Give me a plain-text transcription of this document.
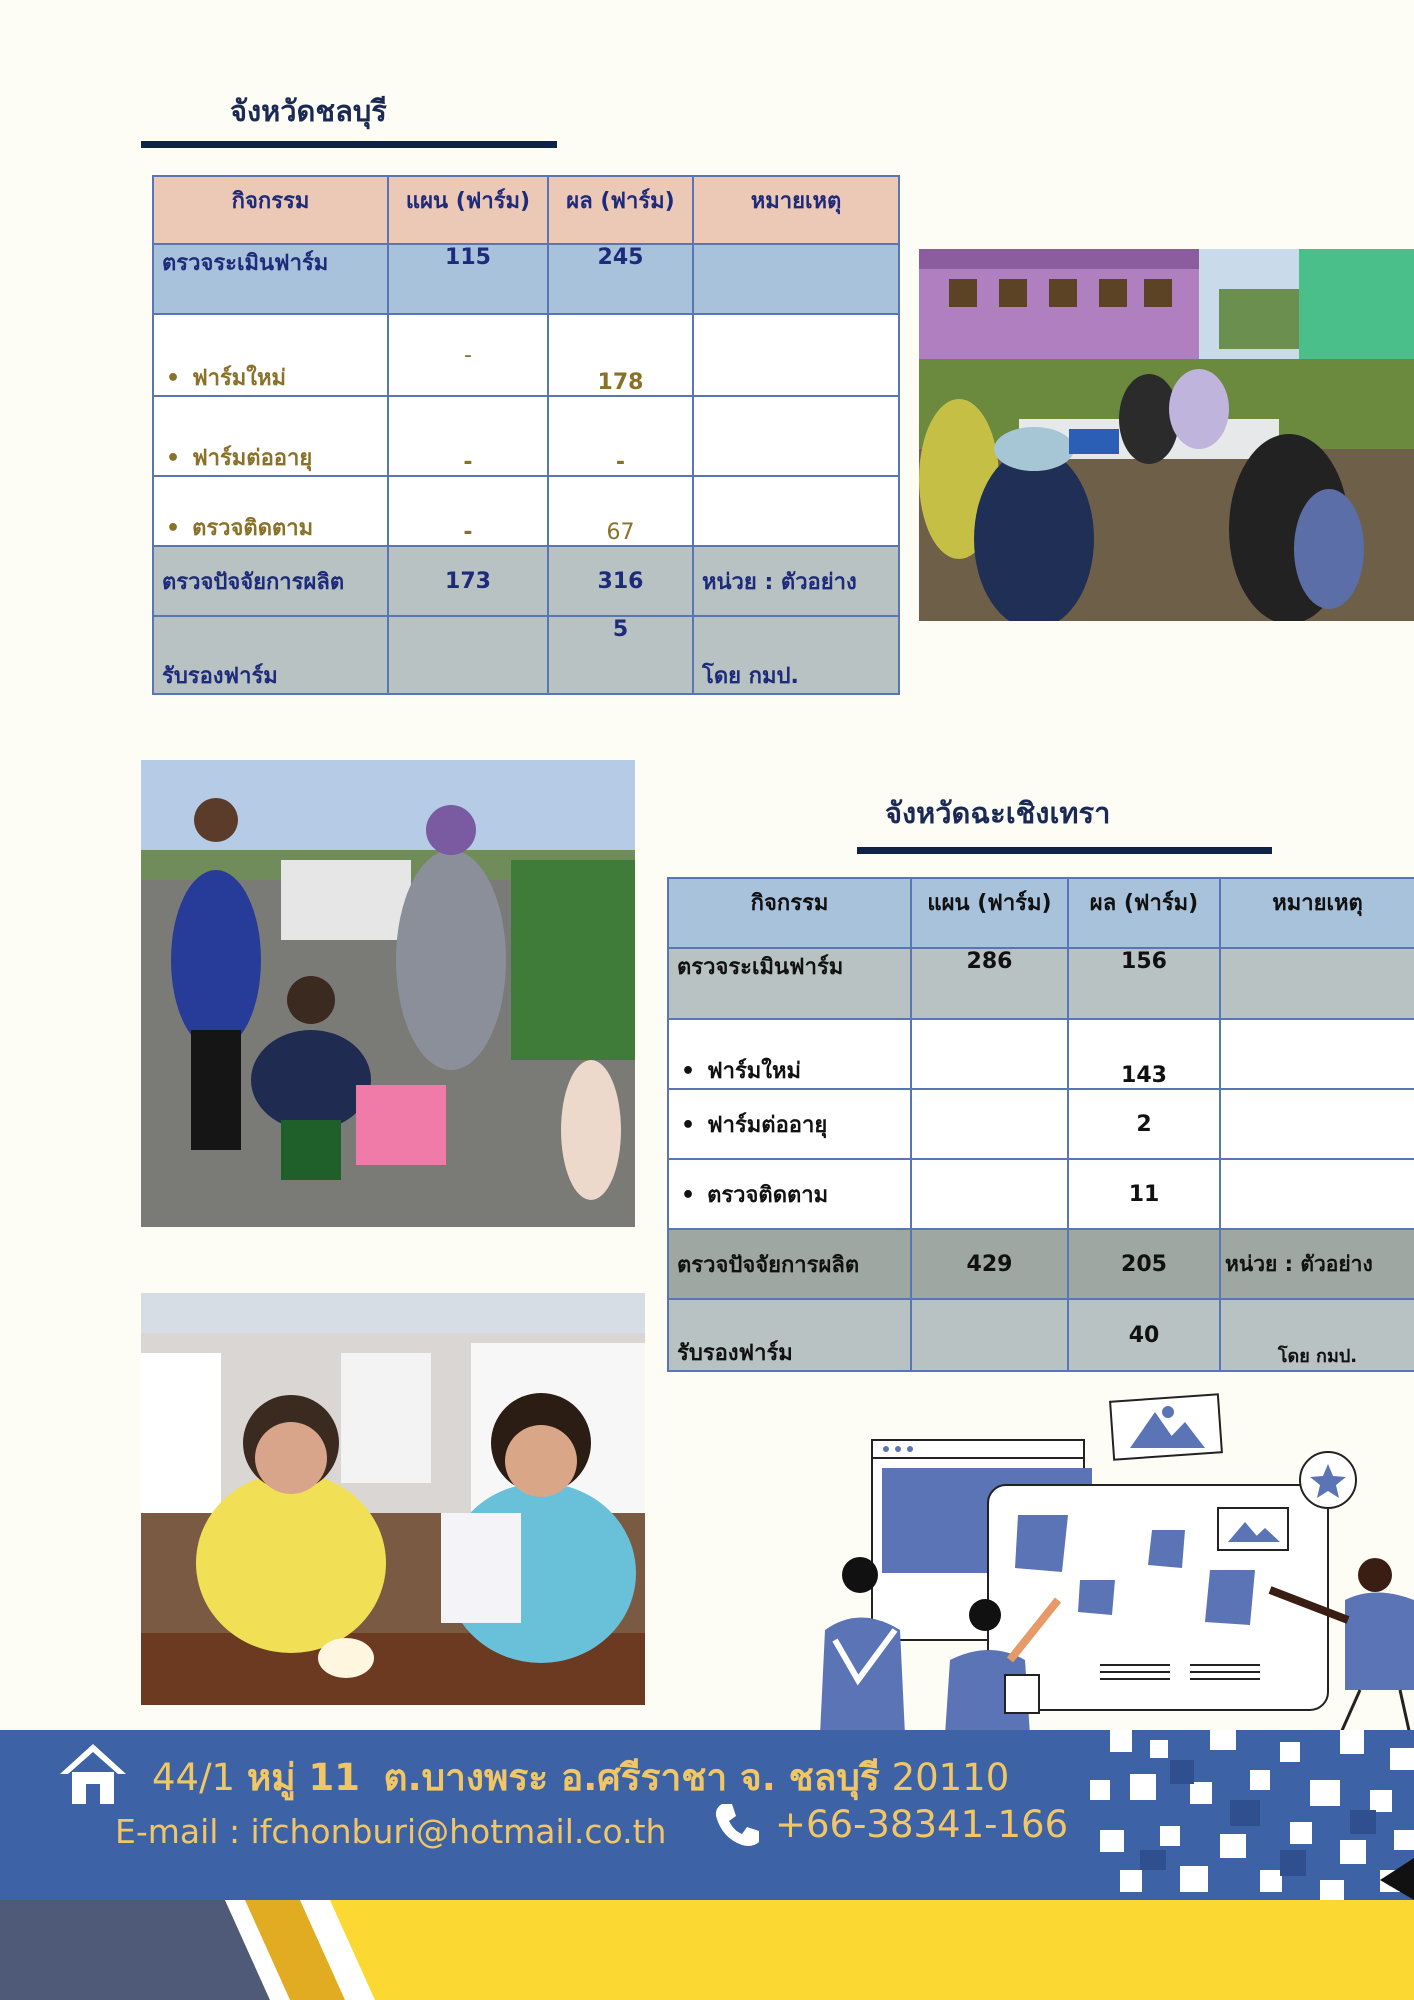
จังหวัดชลบุรี
กิจกรรม	แผน (ฟาร์ม)	ผล (ฟาร์ม)	หมายเหตุ
ตรวจระเมินฟาร์ม	115	245	
• ฟาร์มใหม่	-	178	
• ฟาร์มต่ออายุ	-	-	
• ตรวจติดตาม	-	67	
ตรวจปัจจัยการผลิต	173	316	หน่วย : ตัวอย่าง
รับรองฟาร์ม		5	โดย กมป.
จังหวัดฉะเชิงเทรา
กิจกรรม	แผน (ฟาร์ม)	ผล (ฟาร์ม)	หมายเหตุ
ตรวจระเมินฟาร์ม	286	156	
• ฟาร์มใหม่		143	
• ฟาร์มต่ออายุ		2	
• ตรวจติดตาม		11	
ตรวจปัจจัยการผลิต	429	205	หน่วย : ตัวอย่าง
รับรองฟาร์ม		40	โดย กมป.
44/1 หมู่ 11 ต.บางพระ อ.ศรีราชา จ. ชลบุรี 20110
E-mail : ifchonburi@hotmail.co.th	+66-38341-166
